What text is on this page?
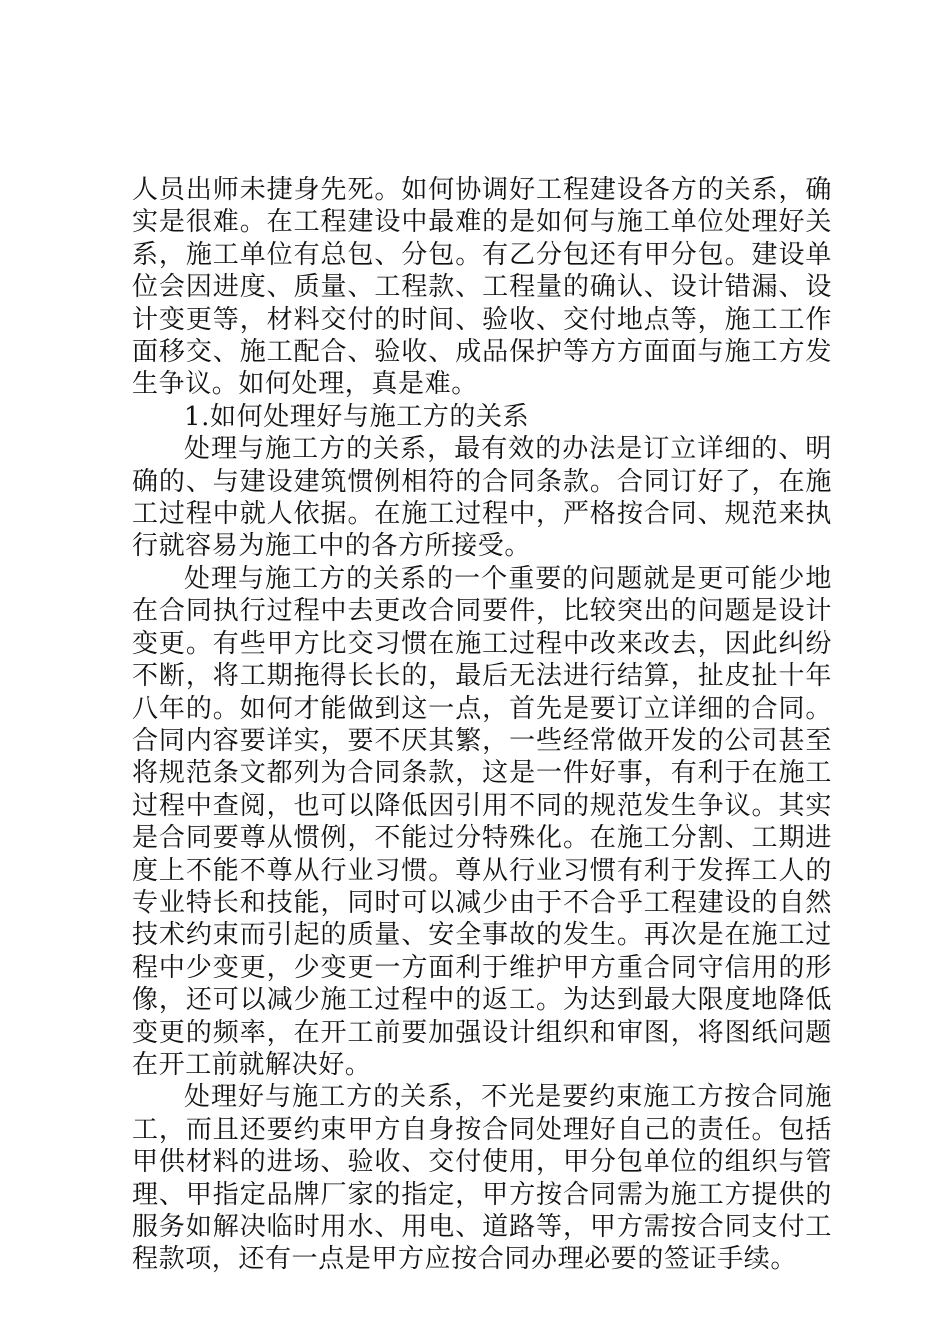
人员出师未捷身先死。如何协调好工程建设各方的关系，确实是很难。在工程建设中最难的是如何与施工单位处理好关系，施工单位有总包、分包。有乙分包还有甲分包。建设单位会因进度、质量、工程款、工程量的确认、设计错漏、设计变更等，材料交付的时间、验收、交付地点等，施工工作面移交、施工配合、验收、成品保护等方方面面与施工方发生争议。如何处理，真是难。

1.如何处理好与施工方的关系

处理与施工方的关系，最有效的办法是订立详细的、明确的、与建设建筑惯例相符的合同条款。合同订好了，在施工过程中就人依据。在施工过程中，严格按合同、规范来执行就容易为施工中的各方所接受。

处理与施工方的关系的一个重要的问题就是更可能少地在合同执行过程中去更改合同要件，比较突出的问题是设计变更。有些甲方比交习惯在施工过程中改来改去，因此纠纷不断，将工期拖得长长的，最后无法进行结算，扯皮扯十年八年的。如何才能做到这一点，首先是要订立详细的合同。合同内容要详实，要不厌其繁，一些经常做开发的公司甚至将规范条文都列为合同条款，这是一件好事，有利于在施工过程中查阅，也可以降低因引用不同的规范发生争议。其实是合同要尊从惯例，不能过分特殊化。在施工分割、工期进度上不能不尊从行业习惯。尊从行业习惯有利于发挥工人的专业特长和技能，同时可以减少由于不合乎工程建设的自然技术约束而引起的质量、安全事故的发生。再次是在施工过程中少变更，少变更一方面利于维护甲方重合同守信用的形像，还可以减少施工过程中的返工。为达到最大限度地降低变更的频率，在开工前要加强设计组织和审图，将图纸问题在开工前就解决好。

处理好与施工方的关系，不光是要约束施工方按合同施工，而且还要约束甲方自身按合同处理好自己的责任。包括甲供材料的进场、验收、交付使用，甲分包单位的组织与管理、甲指定品牌厂家的指定，甲方按合同需为施工方提供的服务如解决临时用水、用电、道路等，甲方需按合同支付工程款项，还有一点是甲方应按合同办理必要的签证手续。
